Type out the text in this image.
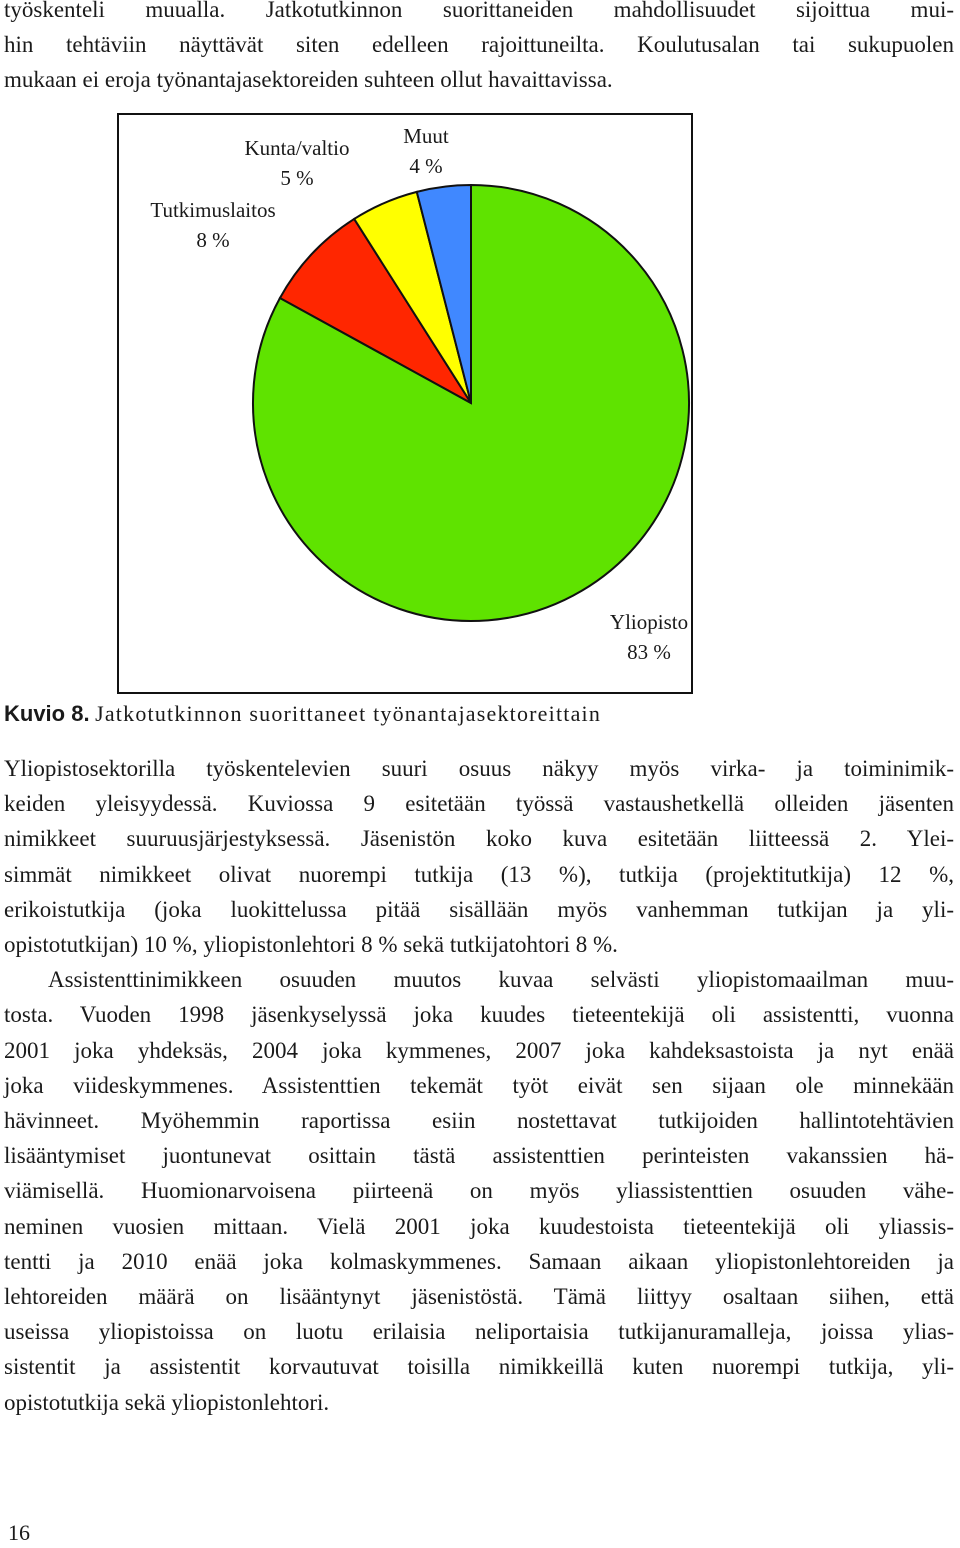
työskenteli muualla. Jatkotutkinnon suorittaneiden mahdollisuudet sijoittua mui-
hin tehtäviin näyttävät siten edelleen rajoittuneilta. Koulutusalan tai sukupuolen
mukaan ei eroja työnantajasektoreiden suhteen ollut havaittavissa.
Kunta/valtio
5 %
Tutkimuslaitos
8 %
Muut
4 %
Yliopisto
83 %
Kuvio 8. Jatkotutkinnon suorittaneet työnantajasektoreittain
Yliopistosektorilla työskentelevien suuri osuus näkyy myös virka- ja toiminimik-
keiden yleisyydessä. Kuviossa 9 esitetään työssä vastaushetkellä olleiden jäsenten
nimikkeet suuruusjärjestyksessä. Jäsenistön koko kuva esitetään liitteessä 2. Ylei-
simmät nimikkeet olivat nuorempi tutkija (13 %), tutkija (projektitutkija) 12 %,
erikoistutkija (joka luokittelussa pitää sisällään myös vanhemman tutkijan ja yli-
opistotutkijan) 10 %, yliopistonlehtori 8 % sekä tutkijatohtori 8 %.
Assistenttinimikkeen osuuden muutos kuvaa selvästi yliopistomaailman muu-
tosta. Vuoden 1998 jäsenkyselyssä joka kuudes tieteentekijä oli assistentti, vuonna
2001 joka yhdeksäs, 2004 joka kymmenes, 2007 joka kahdeksastoista ja nyt enää
joka viideskymmenes. Assistenttien tekemät työt eivät sen sijaan ole minnekään
hävinneet. Myöhemmin raportissa esiin nostettavat tutkijoiden hallintotehtävien
lisääntymiset juontunevat osittain tästä assistenttien perinteisten vakanssien hä-
viämisellä. Huomionarvoisena piirteenä on myös yliassistenttien osuuden vähe-
neminen vuosien mittaan. Vielä 2001 joka kuudestoista tieteentekijä oli yliassis-
tentti ja 2010 enää joka kolmaskymmenes. Samaan aikaan yliopistonlehtoreiden ja
lehtoreiden määrä on lisääntynyt jäsenistöstä. Tämä liittyy osaltaan siihen, että
useissa yliopistoissa on luotu erilaisia neliportaisia tutkijanuramalleja, joissa ylias-
sistentit ja assistentit korvautuvat toisilla nimikkeillä kuten nuorempi tutkija, yli-
opistotutkija sekä yliopistonlehtori.
16
